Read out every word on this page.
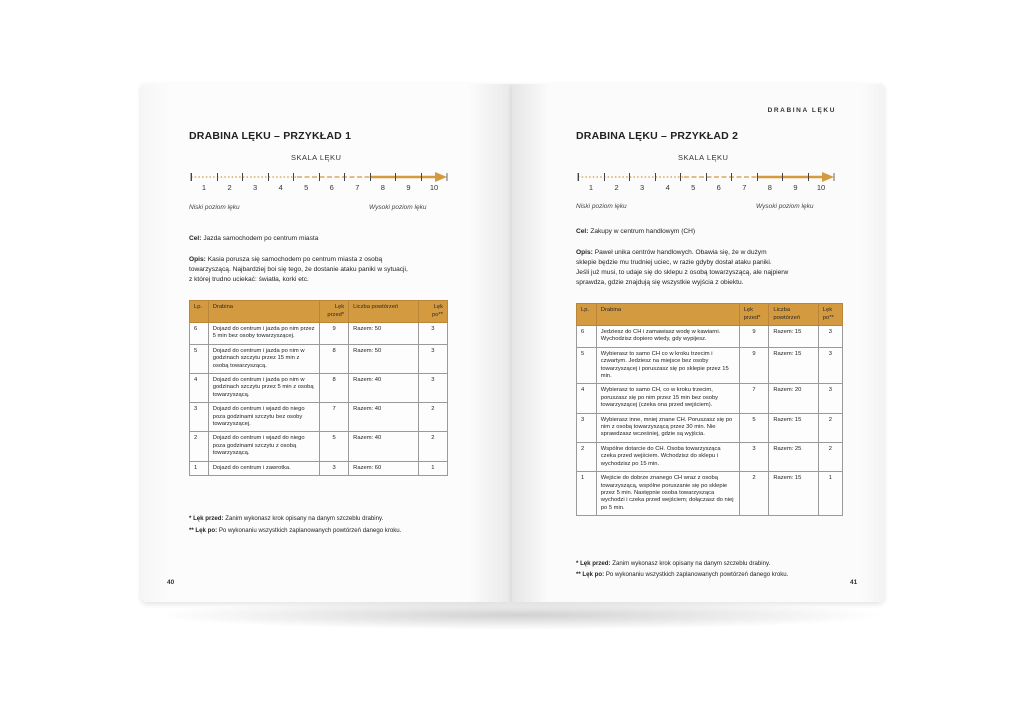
DRABINA LĘKU – PRZYKŁAD 1
SKALA LĘKU
1	2	3	4	5	6	7	8	9	10
Niski poziom lęku	Wysoki poziom lęku
Cel: Jazda samochodem po centrum miasta
Opis: Kasia porusza się samochodem po centrum miasta z osobą
towarzyszącą. Najbardziej boi się tego, że dostanie ataku paniki w sytuacji,
z której trudno uciekać: światła, korki etc.
Lp.	Drabina	Lęk przed*	Liczba powtórzeń	Lęk po**
6	Dojazd do centrum i jazda po nim przez 5 min bez osoby towarzyszącej.	9	Razem: 50	3
5	Dojazd do centrum i jazda po nim w godzinach szczytu przez 15 min z osobą towarzyszącą.	8	Razem: 50	3
4	Dojazd do centrum i jazda po nim w godzinach szczytu przez 5 min z osobą towarzyszącą.	8	Razem: 40	3
3	Dojazd do centrum i wjazd do niego poza godzinami szczytu bez osoby towarzyszącej.	7	Razem: 40	2
2	Dojazd do centrum i wjazd do niego poza godzinami szczytu z osobą towarzyszącą.	5	Razem: 40	2
1	Dojazd do centrum i zawrotka.	3	Razem: 60	1
* Lęk przed: Zanim wykonasz krok opisany na danym szczeblu drabiny.
** Lęk po: Po wykonaniu wszystkich zaplanowanych powtórzeń danego kroku.
40
DRABINA LĘKU
DRABINA LĘKU – PRZYKŁAD 2
SKALA LĘKU
1	2	3	4	5	6	7	8	9	10
Niski poziom lęku	Wysoki poziom lęku
Cel: Zakupy w centrum handlowym (CH)
Opis: Paweł unika centrów handlowych. Obawia się, że w dużym
sklepie będzie mu trudniej uciec, w razie gdyby dostał ataku paniki.
Jeśli już musi, to udaje się do sklepu z osobą towarzyszącą, ale najpierw
sprawdza, gdzie znajdują się wszystkie wyjścia z obiektu.
Lp.	Drabina	Lęk przed*	Liczba powtórzeń	Lęk po**
6	Jedziesz do CH i zamawiasz wodę w kawiarni. Wychodzisz dopiero wtedy, gdy wypijesz.	9	Razem: 15	3
5	Wybierasz to samo CH co w kroku trzecim i czwartym. Jedziesz na miejsce bez osoby towarzyszącej i poruszasz się po sklepie przez 15 min.	9	Razem: 15	3
4	Wybierasz to samo CH, co w kroku trzecim, poruszasz się po nim przez 15 min bez osoby towarzyszącej (czeka ona przed wejściem).	7	Razem: 20	3
3	Wybierasz inne, mniej znane CH. Poruszasz się po nim z osobą towarzyszącą przez 30 min. Nie sprawdzasz wcześniej, gdzie są wyjścia.	5	Razem: 15	2
2	Wspólne dotarcie do CH. Osoba towarzysząca czeka przed wejściem. Wchodzisz do sklepu i wychodzisz po 15 min.	3	Razem: 25	2
1	Wejście do dobrze znanego CH wraz z osobą towarzyszącą, wspólne poruszanie się po sklepie przez 5 min. Następnie osoba towarzysząca wychodzi i czeka przed wejściem; dołączasz do niej po 5 min.	2	Razem: 15	1
* Lęk przed: Zanim wykonasz krok opisany na danym szczeblu drabiny.
** Lęk po: Po wykonaniu wszystkich zaplanowanych powtórzeń danego kroku.
41
